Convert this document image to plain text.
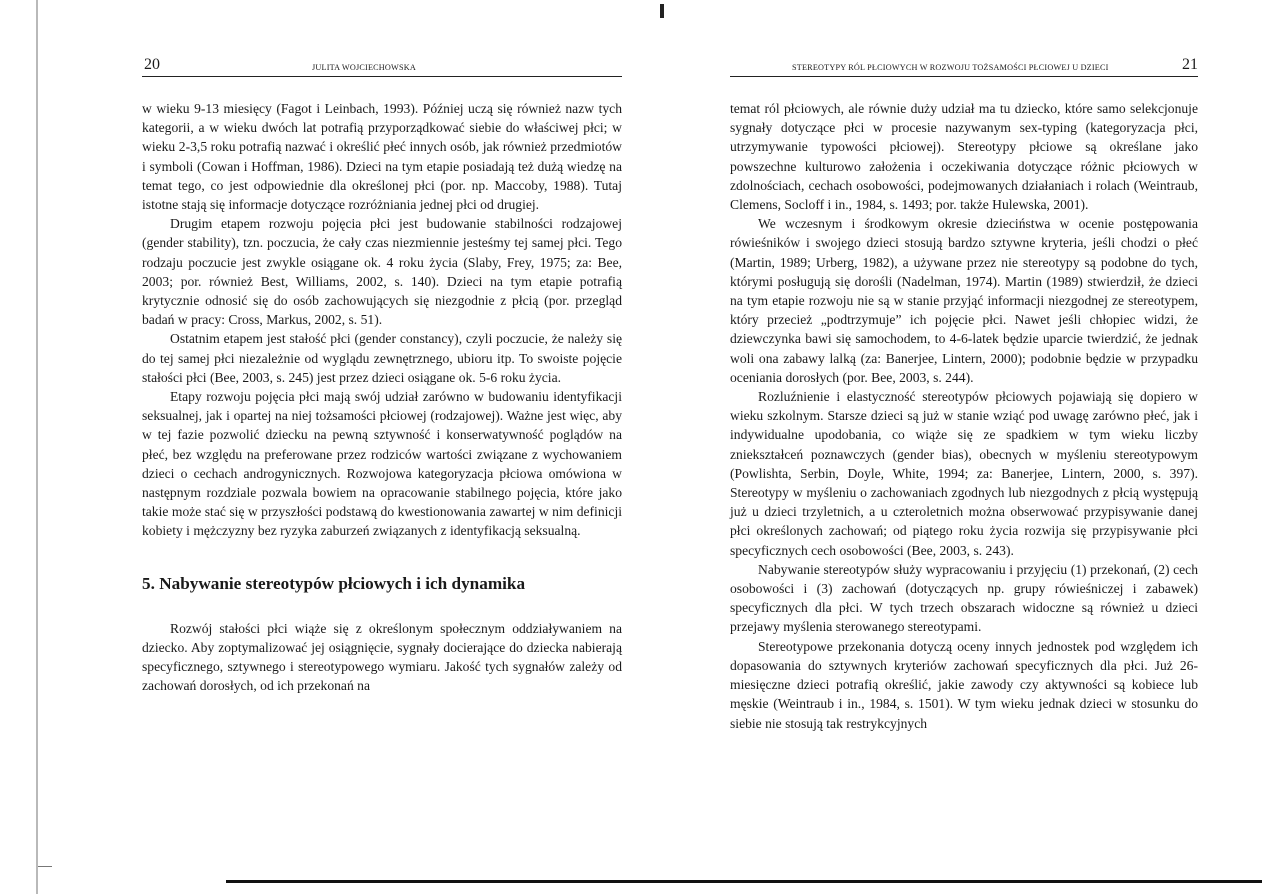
20	JULITA WOJCIECHOWSKA

w wieku 9-13 miesięcy (Fagot i Leinbach, 1993). Później uczą się również nazw tych kategorii, a w wieku dwóch lat potrafią przyporządkować siebie do właściwej płci; w wieku 2-3,5 roku potrafią nazwać i określić płeć innych osób, jak również przedmiotów i symboli (Cowan i Hoffman, 1986). Dzieci na tym etapie posiadają też dużą wiedzę na temat tego, co jest odpowiednie dla określonej płci (por. np. Maccoby, 1988). Tutaj istotne stają się informacje dotyczące rozróżniania jednej płci od drugiej.

Drugim etapem rozwoju pojęcia płci jest budowanie stabilności rodzajowej (gender stability), tzn. poczucia, że cały czas niezmiennie jesteśmy tej samej płci. Tego rodzaju poczucie jest zwykle osiągane ok. 4 roku życia (Slaby, Frey, 1975; za: Bee, 2003; por. również Best, Williams, 2002, s. 140). Dzieci na tym etapie potrafią krytycznie odnosić się do osób zachowujących się niezgodnie z płcią (por. przegląd badań w pracy: Cross, Markus, 2002, s. 51).

Ostatnim etapem jest stałość płci (gender constancy), czyli poczucie, że należy się do tej samej płci niezależnie od wyglądu zewnętrznego, ubioru itp. To swoiste pojęcie stałości płci (Bee, 2003, s. 245) jest przez dzieci osiągane ok. 5-6 roku życia.

Etapy rozwoju pojęcia płci mają swój udział zarówno w budowaniu identyfikacji seksualnej, jak i opartej na niej tożsamości płciowej (rodzajowej). Ważne jest więc, aby w tej fazie pozwolić dziecku na pewną sztywność i konserwatywność poglądów na płeć, bez względu na preferowane przez rodziców wartości związane z wychowaniem dzieci o cechach androgynicznych. Rozwojowa kategoryzacja płciowa omówiona w następnym rozdziale pozwala bowiem na opracowanie stabilnego pojęcia, które jako takie może stać się w przyszłości podstawą do kwestionowania zawartej w nim definicji kobiety i mężczyzny bez ryzyka zaburzeń związanych z identyfikacją seksualną.

5. Nabywanie stereotypów płciowych i ich dynamika

Rozwój stałości płci wiąże się z określonym społecznym oddziaływaniem na dziecko. Aby zoptymalizować jej osiągnięcie, sygnały docierające do dziecka nabierają specyficznego, sztywnego i stereotypowego wymiaru. Jakość tych sygnałów zależy od zachowań dorosłych, od ich przekonań na

STEREOTYPY RÓL PŁCIOWYCH W ROZWOJU TOŻSAMOŚCI PŁCIOWEJ U DZIECI	21

temat ról płciowych, ale równie duży udział ma tu dziecko, które samo selekcjonuje sygnały dotyczące płci w procesie nazywanym sex-typing (kategoryzacja płci, utrzymywanie typowości płciowej). Stereotypy płciowe są określane jako powszechne kulturowo założenia i oczekiwania dotyczące różnic płciowych w zdolnościach, cechach osobowości, podejmowanych działaniach i rolach (Weintraub, Clemens, Socloff i in., 1984, s. 1493; por. także Hulewska, 2001).

We wczesnym i środkowym okresie dzieciństwa w ocenie postępowania rówieśników i swojego dzieci stosują bardzo sztywne kryteria, jeśli chodzi o płeć (Martin, 1989; Urberg, 1982), a używane przez nie stereotypy są podobne do tych, którymi posługują się dorośli (Nadelman, 1974). Martin (1989) stwierdził, że dzieci na tym etapie rozwoju nie są w stanie przyjąć informacji niezgodnej ze stereotypem, który przecież „podtrzymuje” ich pojęcie płci. Nawet jeśli chłopiec widzi, że dziewczynka bawi się samochodem, to 4-6-latek będzie uparcie twierdzić, że jednak woli ona zabawy lalką (za: Banerjee, Lintern, 2000); podobnie będzie w przypadku oceniania dorosłych (por. Bee, 2003, s. 244).

Rozluźnienie i elastyczność stereotypów płciowych pojawiają się dopiero w wieku szkolnym. Starsze dzieci są już w stanie wziąć pod uwagę zarówno płeć, jak i indywidualne upodobania, co wiąże się ze spadkiem w tym wieku liczby zniekształceń poznawczych (gender bias), obecnych w myśleniu stereotypowym (Powlishta, Serbin, Doyle, White, 1994; za: Banerjee, Lintern, 2000, s. 397). Stereotypy w myśleniu o zachowaniach zgodnych lub niezgodnych z płcią występują już u dzieci trzyletnich, a u czteroletnich można obserwować przypisywanie danej płci określonych zachowań; od piątego roku życia rozwija się przypisywanie płci specyficznych cech osobowości (Bee, 2003, s. 243).

Nabywanie stereotypów służy wypracowaniu i przyjęciu (1) przekonań, (2) cech osobowości i (3) zachowań (dotyczących np. grupy rówieśniczej i zabawek) specyficznych dla płci. W tych trzech obszarach widoczne są również u dzieci przejawy myślenia sterowanego stereotypami.

Stereotypowe przekonania dotyczą oceny innych jednostek pod względem ich dopasowania do sztywnych kryteriów zachowań specyficznych dla płci. Już 26-miesięczne dzieci potrafią określić, jakie zawody czy aktywności są kobiece lub męskie (Weintraub i in., 1984, s. 1501). W tym wieku jednak dzieci w stosunku do siebie nie stosują tak restrykcyjnych
